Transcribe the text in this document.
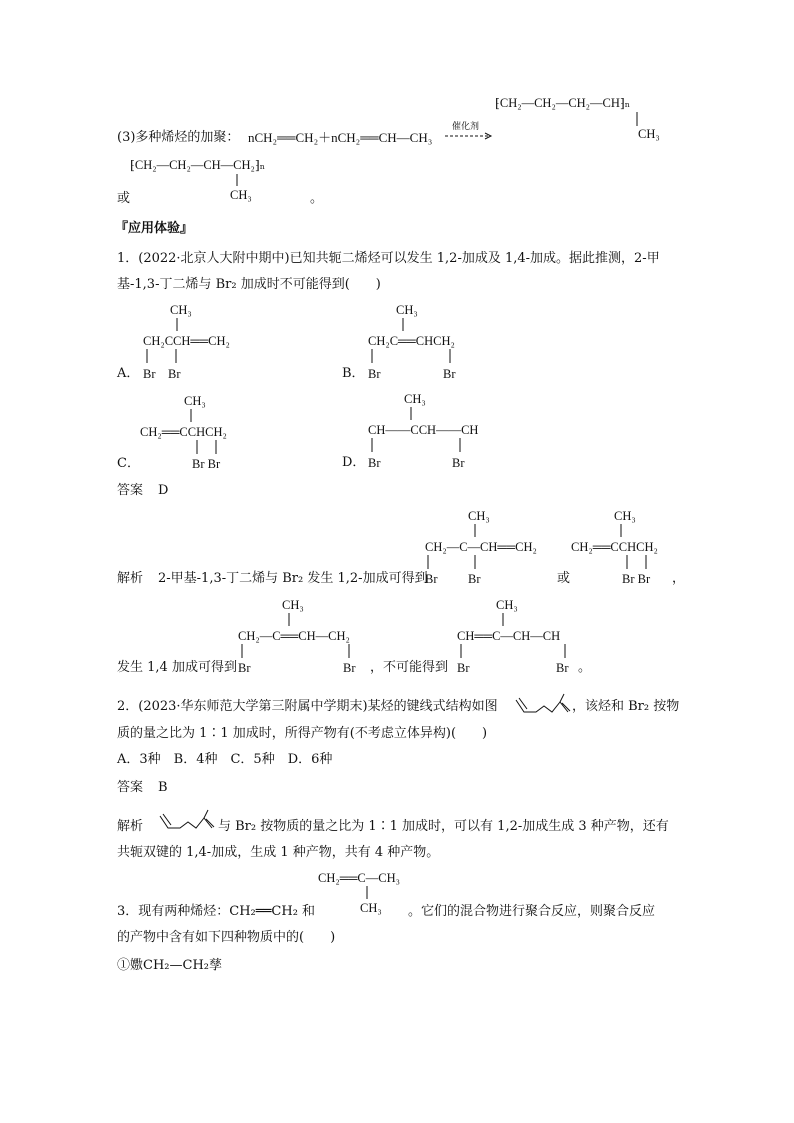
⁅CH₂—CH₂—CH₂—CH⁆ₙ
CH₃
(3)多种烯烃的加聚： nCH₂══CH₂＋nCH₂══CH—CH₃
催化剂
⁅CH₂—CH₂—CH—CH₂⁆ₙ
CH₃
或	。
『应用体验』
1．(2022·北京人大附中期中)已知共轭二烯烃可以发生 1,2-加成及 1,4-加成。据此推测，2-甲
基-1,3-丁二烯与 Br₂ 加成时不可能得到(　　)
CH₃
CH₂CCH══CH₂
A． Br　Br
CH₃
CH₂C══CHCH₂
B． Br	Br
CH₃
CH₂══CCHCH₂
C．	Br Br
CH₃
CH——CCH——CH
D． Br	Br
答案 D
CH₃
CH₂—C—CH══CH₂
CH₃
CH₂══CCHCH₂
解析 2-甲基-1,3-丁二烯与 Br₂ 发生 1,2-加成可得到
Br Br	或	Br Br ，
CH₃
CH₂—C══CH—CH₂
CH₃
CH══C—CH—CH
发生 1,4 加成可得到 Br	Br ，不可能得到 Br	Br 。
2．(2023·华东师范大学第三附属中学期末)某烃的键线式结构如图	，该烃和 Br₂ 按物
质的量之比为 1∶1 加成时，所得产物有(不考虑立体异构)(　　)
A．3种　B．4种　C．5种　D．6种
答案 B
解析	与 Br₂ 按物质的量之比为 1∶1 加成时，可以有 1,2-加成生成 3 种产物，还有
共轭双键的 1,4-加成，生成 1 种产物，共有 4 种产物。
CH₂══C—CH₃
CH₃
3．现有两种烯烃：CH₂══CH₂ 和	。它们的混合物进行聚合反应，则聚合反应
的产物中含有如下四种物质中的(　　)
①嫐CH₂—CH₂孳
